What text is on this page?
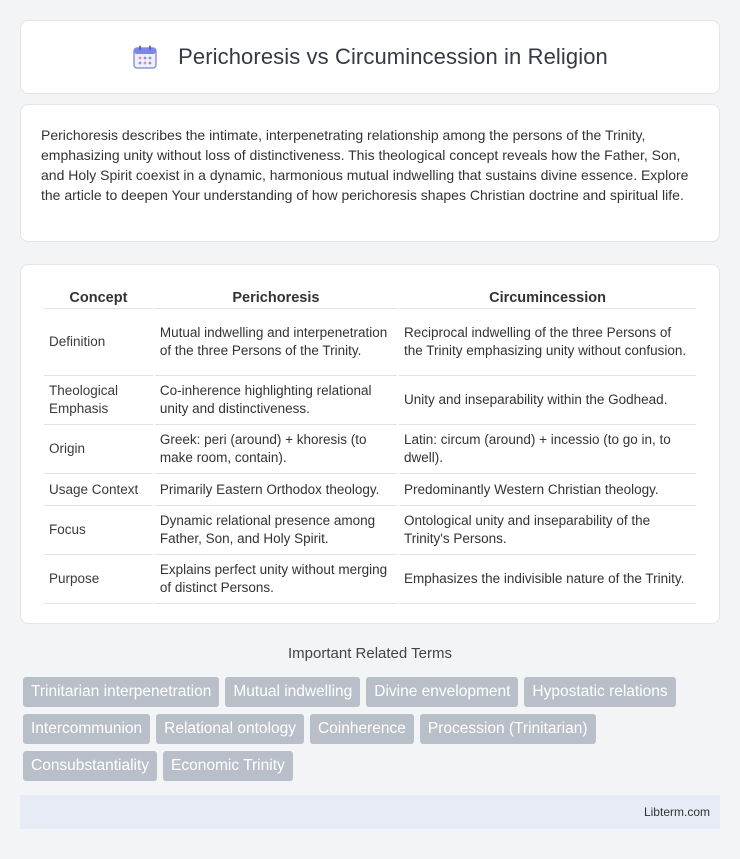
Perichoresis vs Circumincession in Religion

Perichoresis describes the intimate, interpenetrating relationship among the persons of the Trinity, emphasizing unity without loss of distinctiveness. This theological concept reveals how the Father, Son, and Holy Spirit coexist in a dynamic, harmonious mutual indwelling that sustains divine essence. Explore the article to deepen Your understanding of how perichoresis shapes Christian doctrine and spiritual life.

Concept	Perichoresis	Circumincession
Definition	Mutual indwelling and interpenetration of the three Persons of the Trinity.	Reciprocal indwelling of the three Persons of the Trinity emphasizing unity without confusion.
Theological Emphasis	Co-inherence highlighting relational unity and distinctiveness.	Unity and inseparability within the Godhead.
Origin	Greek: peri (around) + khoresis (to make room, contain).	Latin: circum (around) + incessio (to go in, to dwell).
Usage Context	Primarily Eastern Orthodox theology.	Predominantly Western Christian theology.
Focus	Dynamic relational presence among Father, Son, and Holy Spirit.	Ontological unity and inseparability of the Trinity's Persons.
Purpose	Explains perfect unity without merging of distinct Persons.	Emphasizes the indivisible nature of the Trinity.
Important Related Terms
Trinitarian interpenetration	Mutual indwelling	Divine envelopment	Hypostatic relations
Intercommunion	Relational ontology	Coinherence	Procession (Trinitarian)
Consubstantiality	Economic Trinity
Libterm.com
